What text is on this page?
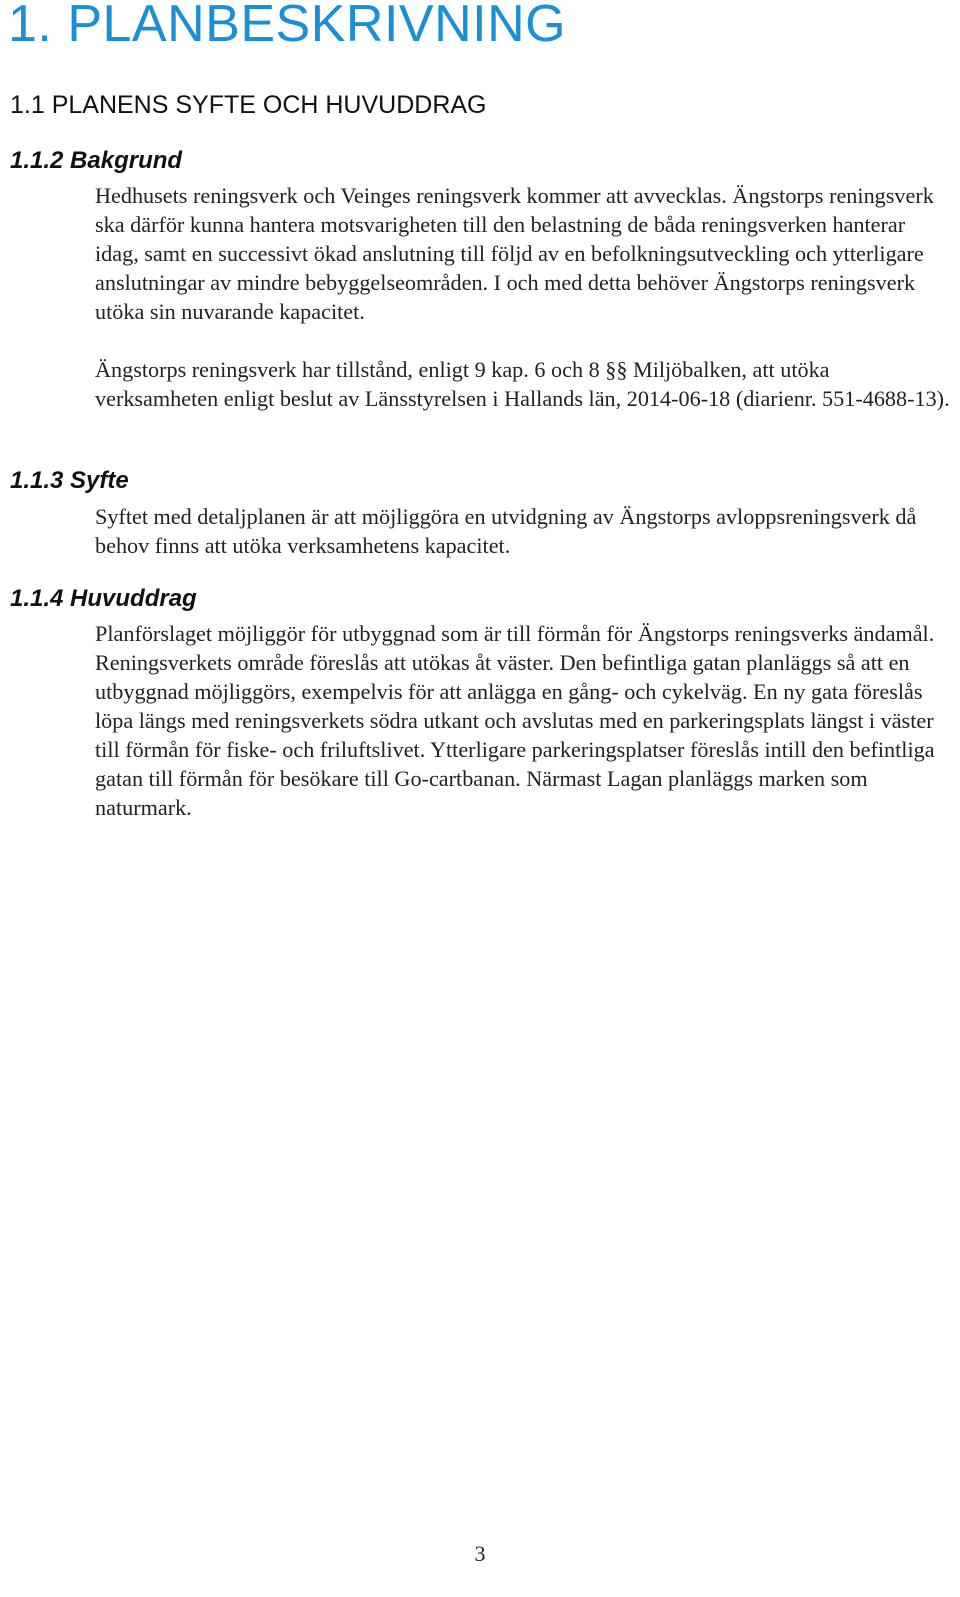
1. PLANBESKRIVNING
1.1 PLANENS SYFTE OCH HUVUDDRAG
1.1.2 Bakgrund

Hedhusets reningsverk och Veinges reningsverk kommer att avvecklas. Ängstorps reningsverk ska därför kunna hantera motsvarigheten till den belastning de båda reningsverken hanterar idag, samt en successivt ökad anslutning till följd av en befolkningsutveckling och ytterligare anslutningar av mindre bebyggelseområden. I och med detta behöver Ängstorps reningsverk utöka sin nuvarande kapacitet.

Ängstorps reningsverk har tillstånd, enligt 9 kap. 6 och 8 §§ Miljöbalken, att utöka verksamheten enligt beslut av Länsstyrelsen i Hallands län, 2014-06-18 (diarienr. 551-4688-13).

1.1.3 Syfte

Syftet med detaljplanen är att möjliggöra en utvidgning av Ängstorps avloppsreningsverk då behov finns att utöka verksamhetens kapacitet.

1.1.4 Huvuddrag

Planförslaget möjliggör för utbyggnad som är till förmån för Ängstorps reningsverks ändamål. Reningsverkets område föreslås att utökas åt väster. Den befintliga gatan planläggs så att en utbyggnad möjliggörs, exempelvis för att anlägga en gång- och cykelväg. En ny gata föreslås löpa längs med reningsverkets södra utkant och avslutas med en parkeringsplats längst i väster till förmån för fiske- och friluftslivet. Ytterligare parkeringsplatser föreslås intill den befintliga gatan till förmån för besökare till Go-cartbanan. Närmast Lagan planläggs marken som naturmark.

3
